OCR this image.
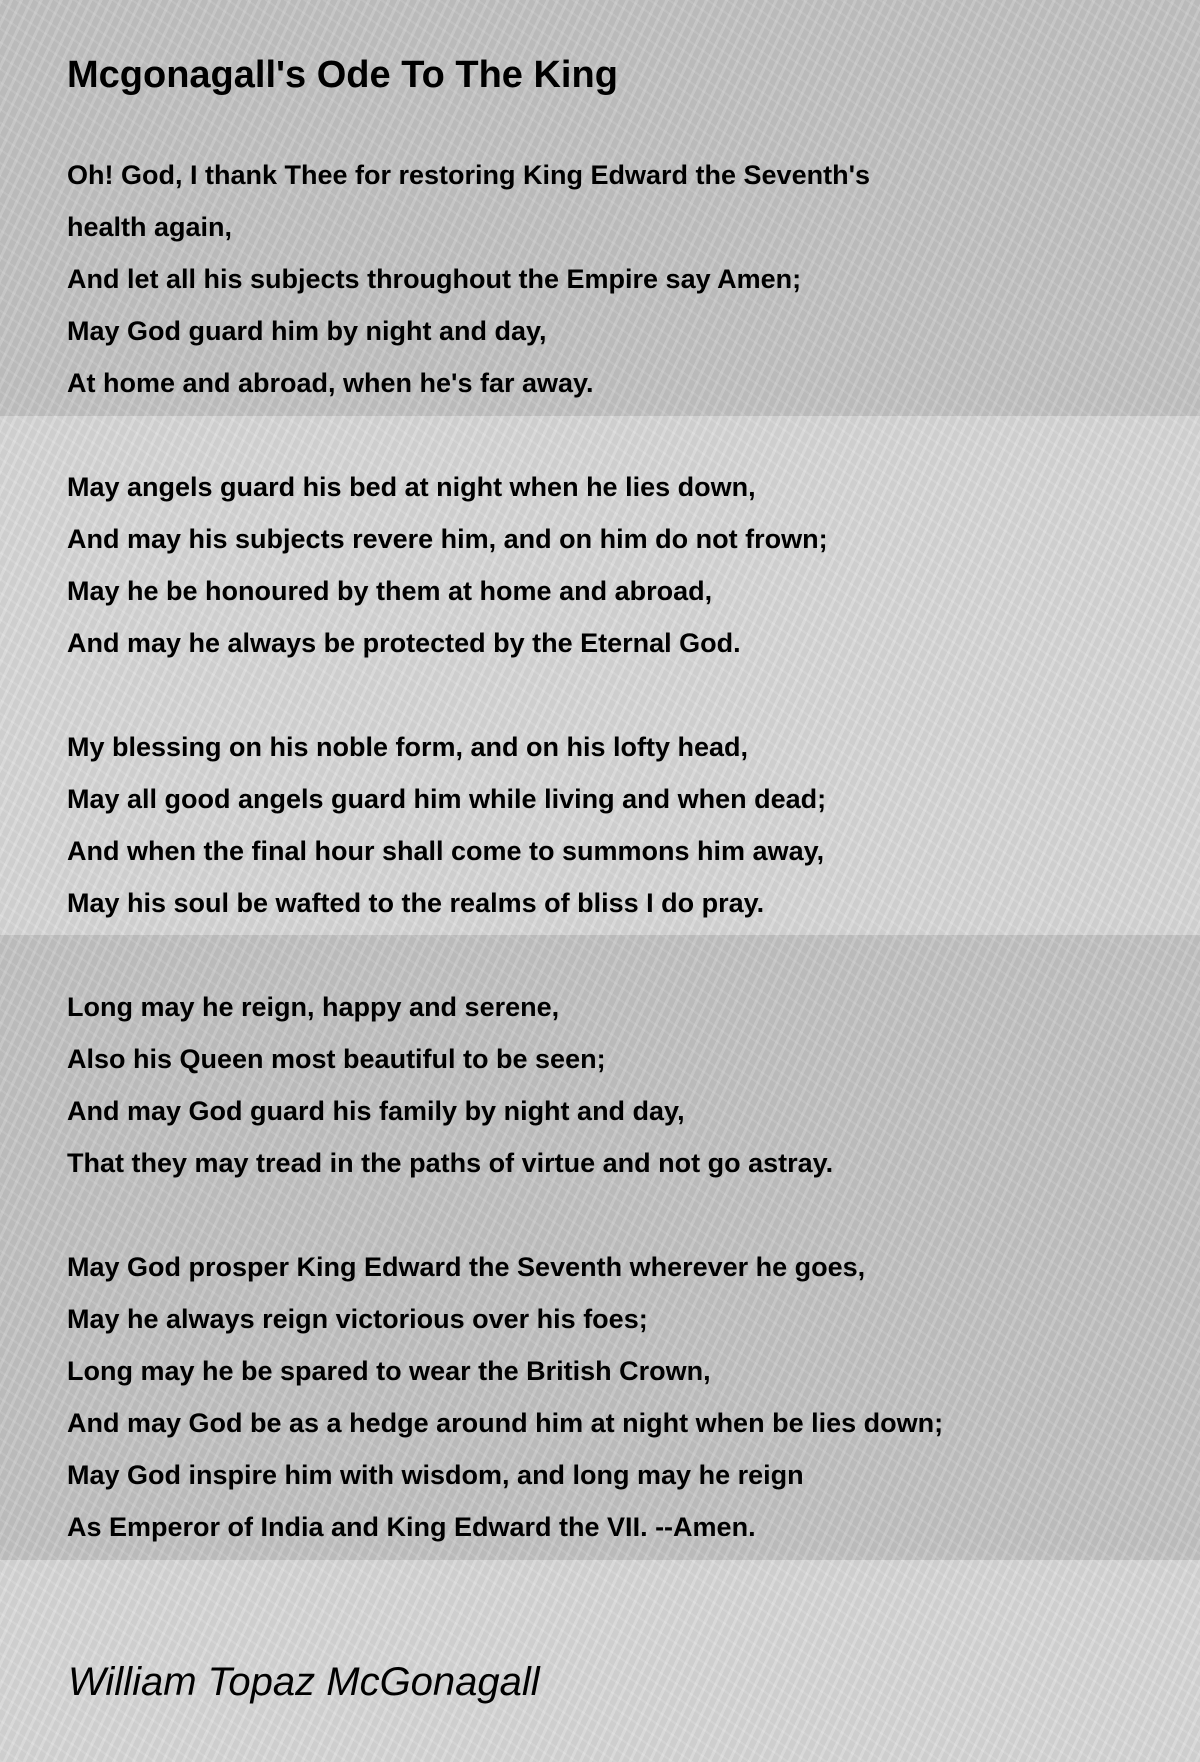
Mcgonagall's Ode To The King
Oh! God, I thank Thee for restoring King Edward the Seventh's
health again,
And let all his subjects throughout the Empire say Amen;
May God guard him by night and day,
At home and abroad, when he's far away.
May angels guard his bed at night when he lies down,
And may his subjects revere him, and on him do not frown;
May he be honoured by them at home and abroad,
And may he always be protected by the Eternal God.
My blessing on his noble form, and on his lofty head,
May all good angels guard him while living and when dead;
And when the final hour shall come to summons him away,
May his soul be wafted to the realms of bliss I do pray.
Long may he reign, happy and serene,
Also his Queen most beautiful to be seen;
And may God guard his family by night and day,
That they may tread in the paths of virtue and not go astray.
May God prosper King Edward the Seventh wherever he goes,
May he always reign victorious over his foes;
Long may he be spared to wear the British Crown,
And may God be as a hedge around him at night when be lies down;
May God inspire him with wisdom, and long may he reign
As Emperor of India and King Edward the VII. --Amen.
William Topaz McGonagall
